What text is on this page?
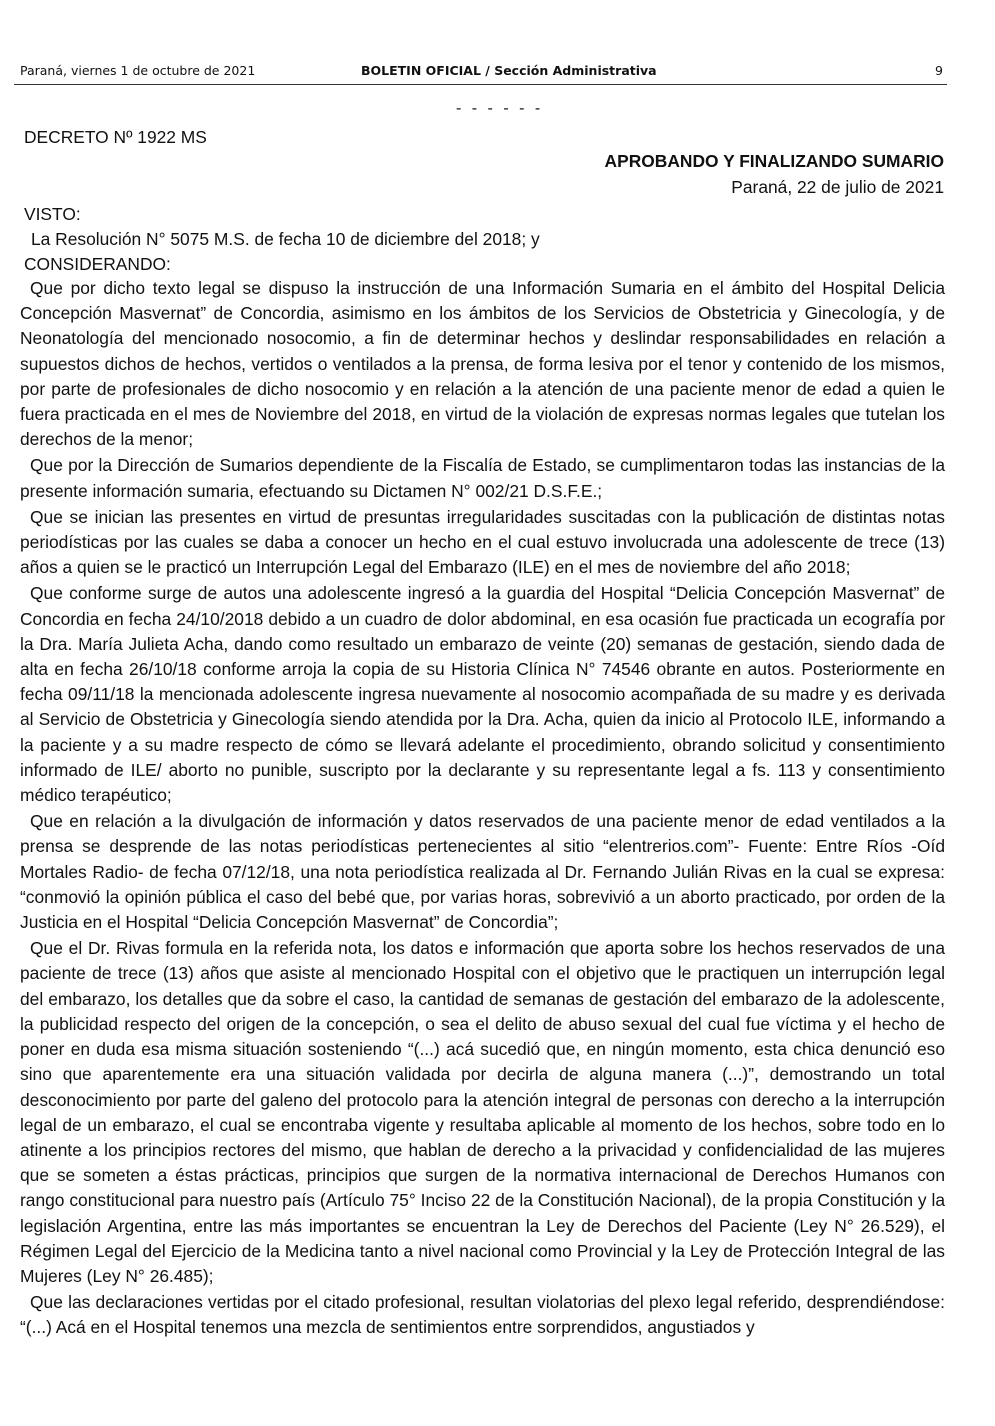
Paraná, viernes 1 de octubre de 2021	BOLETIN OFICIAL / Sección Administrativa	9
- - - - - -
DECRETO Nº 1922 MS
APROBANDO Y FINALIZANDO SUMARIO
Paraná, 22 de julio de 2021
VISTO:
La Resolución N° 5075 M.S. de fecha 10 de diciembre del 2018; y
CONSIDERANDO:

Que por dicho texto legal se dispuso la instrucción de una Información Sumaria en el ámbito del Hospital Delicia Concepción Masvernat” de Concordia, asimismo en los ámbitos de los Servicios de Obstetricia y Ginecología, y de Neonatología del mencionado nosocomio, a fin de determinar hechos y deslindar responsabilidades en relación a supuestos dichos de hechos, vertidos o ventilados a la prensa, de forma lesiva por el tenor y contenido de los mismos, por parte de profesionales de dicho nosocomio y en relación a la atención de una paciente menor de edad a quien le fuera practicada en el mes de Noviembre del 2018, en virtud de la violación de expresas normas legales que tutelan los derechos de la menor;

Que por la Dirección de Sumarios dependiente de la Fiscalía de Estado, se cumplimentaron todas las instancias de la presente información sumaria, efectuando su Dictamen N° 002/21 D.S.F.E.;

Que se inician las presentes en virtud de presuntas irregularidades suscitadas con la publicación de distintas notas periodísticas por las cuales se daba a conocer un hecho en el cual estuvo involucrada una adolescente de trece (13) años a quien se le practicó un Interrupción Legal del Embarazo (ILE) en el mes de noviembre del año 2018;

Que conforme surge de autos una adolescente ingresó a la guardia del Hospital “Delicia Concepción Masvernat” de Concordia en fecha 24/10/2018 debido a un cuadro de dolor abdominal, en esa ocasión fue practicada un ecografía por la Dra. María Julieta Acha, dando como resultado un embarazo de veinte (20) semanas de gestación, siendo dada de alta en fecha 26/10/18 conforme arroja la copia de su Historia Clínica N° 74546 obrante en autos. Posteriormente en fecha 09/11/18 la mencionada adolescente ingresa nuevamente al nosocomio acompañada de su madre y es derivada al Servicio de Obstetricia y Ginecología siendo atendida por la Dra. Acha, quien da inicio al Protocolo ILE, informando a la paciente y a su madre respecto de cómo se llevará adelante el procedimiento, obrando solicitud y consentimiento informado de ILE/ aborto no punible, suscripto por la declarante y su representante legal a fs. 113 y consentimiento médico terapéutico;

Que en relación a la divulgación de información y datos reservados de una paciente menor de edad ventilados a la prensa se desprende de las notas periodísticas pertenecientes al sitio “elentrerios.com”- Fuente: Entre Ríos -Oíd Mortales Radio- de fecha 07/12/18, una nota periodística realizada al Dr. Fernando Julián Rivas en la cual se expresa: “conmovió la opinión pública el caso del bebé que, por varias horas, sobrevivió a un aborto practicado, por orden de la Justicia en el Hospital “Delicia Concepción Masvernat” de Concordia”;

Que el Dr. Rivas formula en la referida nota, los datos e información que aporta sobre los hechos reservados de una paciente de trece (13) años que asiste al mencionado Hospital con el objetivo que le practiquen un interrupción legal del embarazo, los detalles que da sobre el caso, la cantidad de semanas de gestación del embarazo de la adolescente, la publicidad respecto del origen de la concepción, o sea el delito de abuso sexual del cual fue víctima y el hecho de poner en duda esa misma situación sosteniendo “(...) acá sucedió que, en ningún momento, esta chica denunció eso sino que aparentemente era una situación validada por decirla de alguna manera (...)”, demostrando un total desconocimiento por parte del galeno del protocolo para la atención integral de personas con derecho a la interrupción legal de un embarazo, el cual se encontraba vigente y resultaba aplicable al momento de los hechos, sobre todo en lo atinente a los principios rectores del mismo, que hablan de derecho a la privacidad y confidencialidad de las mujeres que se someten a éstas prácticas, principios que surgen de la normativa internacional de Derechos Humanos con rango constitucional para nuestro país (Artículo 75° Inciso 22 de la Constitución Nacional), de la propia Constitución y la legislación Argentina, entre las más importantes se encuentran la Ley de Derechos del Paciente (Ley N° 26.529), el Régimen Legal del Ejercicio de la Medicina tanto a nivel nacional como Provincial y la Ley de Protección Integral de las Mujeres (Ley N° 26.485);

Que las declaraciones vertidas por el citado profesional, resultan violatorias del plexo legal referido, desprendiéndose: “(...) Acá en el Hospital tenemos una mezcla de sentimientos entre sorprendidos, angustiados y
